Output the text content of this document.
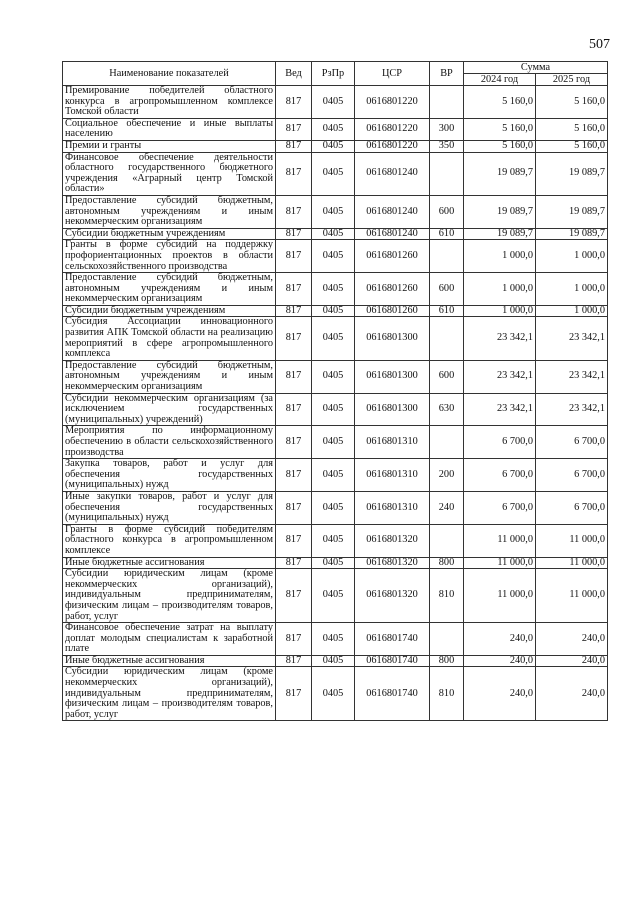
507
Наименование показателей	Вед	РзПр	ЦСР	ВР	Сумма	
					2024 год	2025 год
Премирование победителей областного конкурса в агропромышленном комплексе Томской области	817	0405	0616801220		5 160,0	5 160,0
Социальное обеспечение и иные выплаты населению	817	0405	0616801220	300	5 160,0	5 160,0
Премии и гранты	817	0405	0616801220	350	5 160,0	5 160,0
Финансовое обеспечение деятельности областного государственного бюджетного учреждения «Аграрный центр Томской области»	817	0405	0616801240		19 089,7	19 089,7
Предоставление субсидий бюджетным, автономным учреждениям и иным некоммерческим организациям	817	0405	0616801240	600	19 089,7	19 089,7
Субсидии бюджетным учреждениям	817	0405	0616801240	610	19 089,7	19 089,7
Гранты в форме субсидий на поддержку профориентационных проектов в области сельскохозяйственного производства	817	0405	0616801260		1 000,0	1 000,0
Предоставление субсидий бюджетным, автономным учреждениям и иным некоммерческим организациям	817	0405	0616801260	600	1 000,0	1 000,0
Субсидии бюджетным учреждениям	817	0405	0616801260	610	1 000,0	1 000,0
Субсидия Ассоциации инновационного развития АПК Томской области на реализацию мероприятий в сфере агропромышленного комплекса	817	0405	0616801300		23 342,1	23 342,1
Предоставление субсидий бюджетным, автономным учреждениям и иным некоммерческим организациям	817	0405	0616801300	600	23 342,1	23 342,1
Субсидии некоммерческим организациям (за исключением государственных (муниципальных) учреждений)	817	0405	0616801300	630	23 342,1	23 342,1
Мероприятия по информационному обеспечению в области сельскохозяйственного производства	817	0405	0616801310		6 700,0	6 700,0
Закупка товаров, работ и услуг для обеспечения государственных (муниципальных) нужд	817	0405	0616801310	200	6 700,0	6 700,0
Иные закупки товаров, работ и услуг для обеспечения государственных (муниципальных) нужд	817	0405	0616801310	240	6 700,0	6 700,0
Гранты в форме субсидий победителям областного конкурса в агропромышленном комплексе	817	0405	0616801320		11 000,0	11 000,0
Иные бюджетные ассигнования	817	0405	0616801320	800	11 000,0	11 000,0
Субсидии юридическим лицам (кроме некоммерческих организаций), индивидуальным предпринимателям, физическим лицам – производителям товаров, работ, услуг	817	0405	0616801320	810	11 000,0	11 000,0
Финансовое обеспечение затрат на выплату доплат молодым специалистам к заработной плате	817	0405	0616801740		240,0	240,0
Иные бюджетные ассигнования	817	0405	0616801740	800	240,0	240,0
Субсидии юридическим лицам (кроме некоммерческих организаций), индивидуальным предпринимателям, физическим лицам – производителям товаров, работ, услуг	817	0405	0616801740	810	240,0	240,0
